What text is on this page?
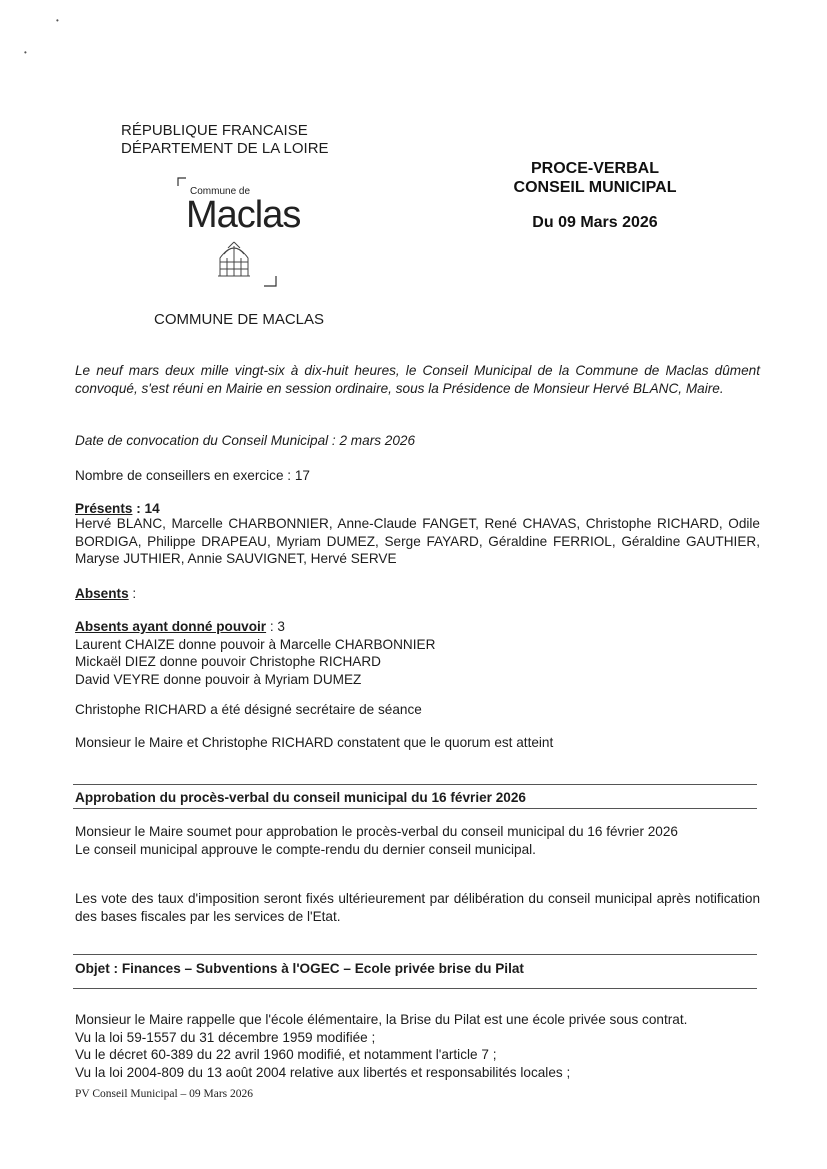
•
•
RÉPUBLIQUE FRANCAISE
DÉPARTEMENT DE LA LOIRE
Commune de
Maclas
COMMUNE DE MACLAS
PROCE-VERBAL
CONSEIL MUNICIPAL
Du 09 Mars 2026
Le neuf mars deux mille vingt-six à dix-huit heures, le Conseil Municipal de la Commune de Maclas dûment convoqué, s'est réuni en Mairie en session ordinaire, sous la Présidence de Monsieur Hervé BLANC, Maire.
Date de convocation du Conseil Municipal : 2 mars 2026
Nombre de conseillers en exercice : 17
Présents : 14
Hervé BLANC, Marcelle CHARBONNIER, Anne-Claude FANGET, René CHAVAS, Christophe RICHARD, Odile BORDIGA, Philippe DRAPEAU, Myriam DUMEZ, Serge FAYARD, Géraldine FERRIOL, Géraldine GAUTHIER, Maryse JUTHIER, Annie SAUVIGNET, Hervé SERVE
Absents :
Absents ayant donné pouvoir : 3
Laurent CHAIZE donne pouvoir à Marcelle CHARBONNIER
Mickaël DIEZ donne pouvoir Christophe RICHARD
David VEYRE donne pouvoir à Myriam DUMEZ
Christophe RICHARD a été désigné secrétaire de séance
Monsieur le Maire et Christophe RICHARD constatent que le quorum est atteint
Approbation du procès-verbal du conseil municipal du 16 février 2026
Monsieur le Maire soumet pour approbation le procès-verbal du conseil municipal du 16 février 2026
Le conseil municipal approuve le compte-rendu du dernier conseil municipal.
Les vote des taux d'imposition seront fixés ultérieurement par délibération du conseil municipal après notification des bases fiscales par les services de l'Etat.
Objet : Finances – Subventions à l'OGEC – Ecole privée brise du Pilat
Monsieur le Maire rappelle que l'école élémentaire, la Brise du Pilat est une école privée sous contrat.
Vu la loi 59-1557 du 31 décembre 1959 modifiée ;
Vu le décret 60-389 du 22 avril 1960 modifié, et notamment l'article 7 ;
Vu la loi 2004-809 du 13 août 2004 relative aux libertés et responsabilités locales ;
PV Conseil Municipal – 09 Mars 2026
